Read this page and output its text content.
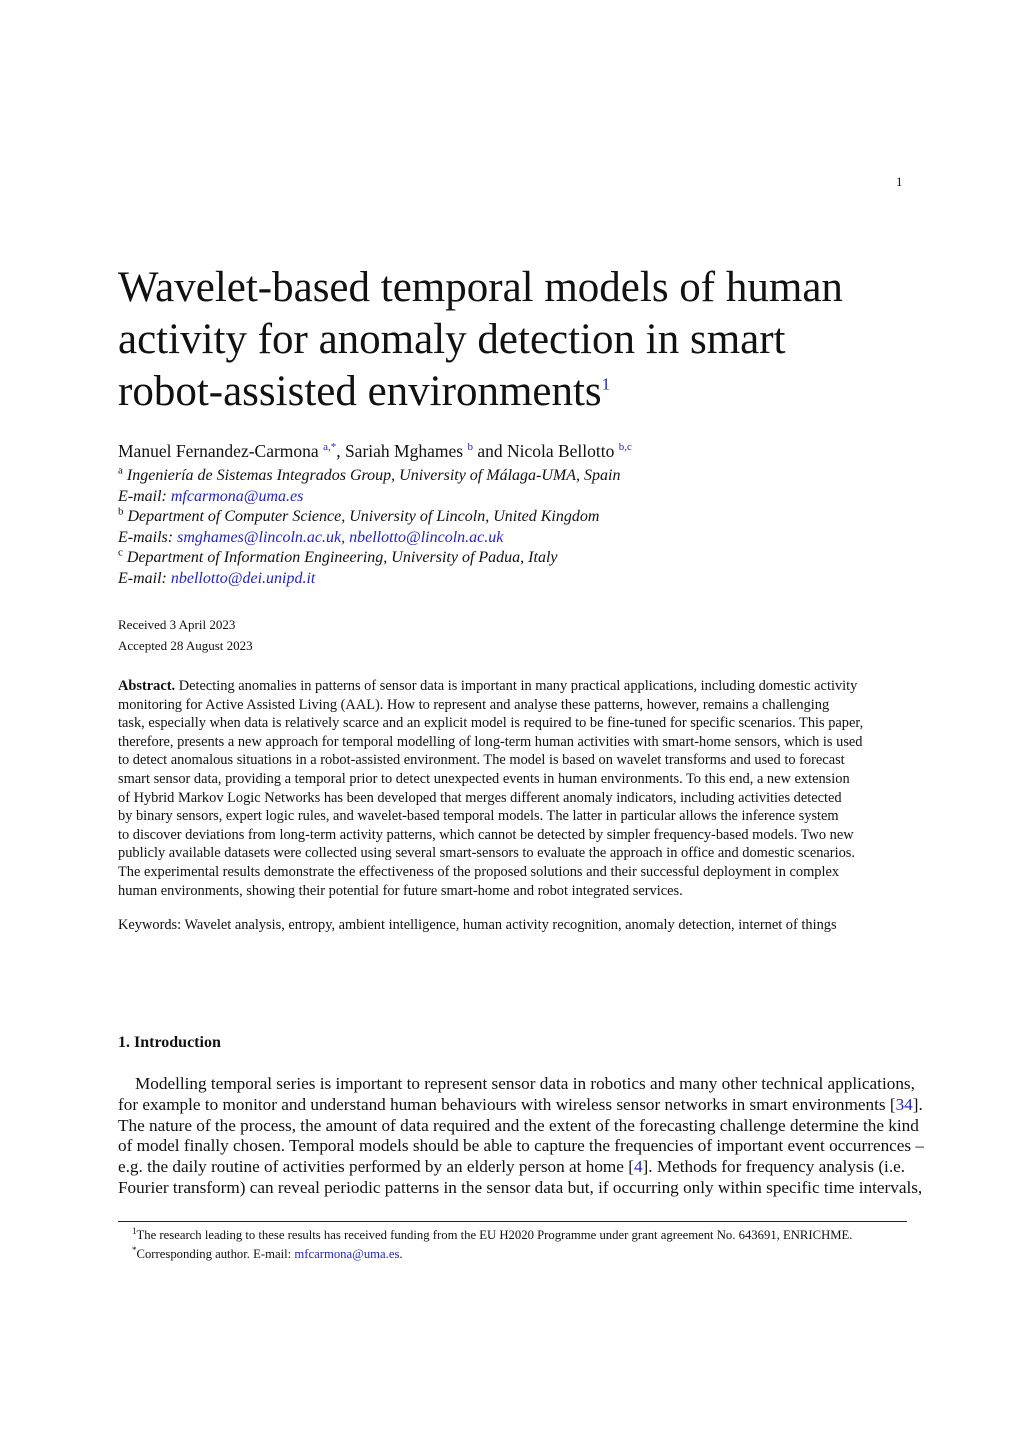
1
Wavelet-based temporal models of human
activity for anomaly detection in smart
robot-assisted environments$^1$
Manuel Fernandez-Carmona $^{a,*}$, Sariah Mghames $^b$ and Nicola Bellotto $^{b,c}$
$^a$ Ingeniería de Sistemas Integrados Group, University of Málaga-UMA, Spain
E-mail: mfcarmona@uma.es
$^b$ Department of Computer Science, University of Lincoln, United Kingdom
E-mails: smghames@lincoln.ac.uk, nbellotto@lincoln.ac.uk
$^c$ Department of Information Engineering, University of Padua, Italy
E-mail: nbellotto@dei.unipd.it
Received 3 April 2023
Accepted 28 August 2023
Abstract. Detecting anomalies in patterns of sensor data is important in many practical applications, including domestic activity
monitoring for Active Assisted Living (AAL). How to represent and analyse these patterns, however, remains a challenging
task, especially when data is relatively scarce and an explicit model is required to be fine-tuned for specific scenarios. This paper,
therefore, presents a new approach for temporal modelling of long-term human activities with smart-home sensors, which is used
to detect anomalous situations in a robot-assisted environment. The model is based on wavelet transforms and used to forecast
smart sensor data, providing a temporal prior to detect unexpected events in human environments. To this end, a new extension
of Hybrid Markov Logic Networks has been developed that merges different anomaly indicators, including activities detected
by binary sensors, expert logic rules, and wavelet-based temporal models. The latter in particular allows the inference system
to discover deviations from long-term activity patterns, which cannot be detected by simpler frequency-based models. Two new
publicly available datasets were collected using several smart-sensors to evaluate the approach in office and domestic scenarios.
The experimental results demonstrate the effectiveness of the proposed solutions and their successful deployment in complex
human environments, showing their potential for future smart-home and robot integrated services.
Keywords: Wavelet analysis, entropy, ambient intelligence, human activity recognition, anomaly detection, internet of things
1. Introduction
Modelling temporal series is important to represent sensor data in robotics and many other technical applications,
for example to monitor and understand human behaviours with wireless sensor networks in smart environments [34].
The nature of the process, the amount of data required and the extent of the forecasting challenge determine the kind
of model finally chosen. Temporal models should be able to capture the frequencies of important event occurrences –
e.g. the daily routine of activities performed by an elderly person at home [4]. Methods for frequency analysis (i.e.
Fourier transform) can reveal periodic patterns in the sensor data but, if occurring only within specific time intervals,
$^1$The research leading to these results has received funding from the EU H2020 Programme under grant agreement No. 643691, ENRICHME.
*Corresponding author. E-mail: mfcarmona@uma.es.
